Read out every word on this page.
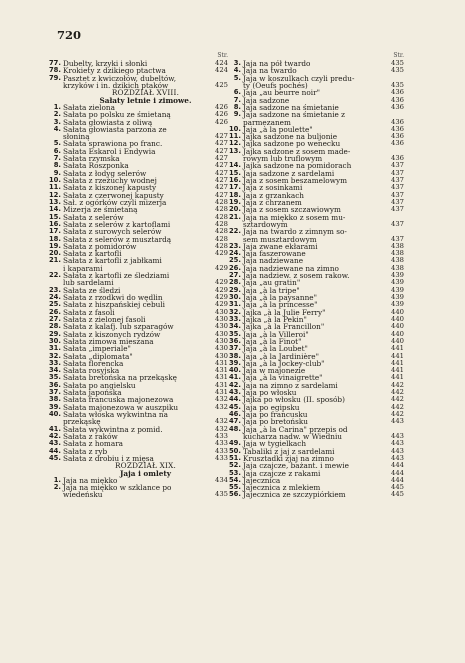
720
Str.
77. Dubelty, krzyki i słonki	424
78. Krokiety z dzikiego ptactwa	424
79. Pasztet z kwiczołów, dubeltów,
krzyków i in. dzikich ptaków	425
ROZDZIAŁ XVIII.
Sałaty letnie i zimowe.
1. Sałata zielona	426
2. Sałata po polsku ze śmietaną	426
3. Sałata głowiasta z oliwą	426
4. Sałata głowiasta parzona ze
słoniną	427
5. Sałata sprawiona po franc.	427
6. Sałata Eskarol i Endywia	427
7. Sałata rzymska	427
8. Sałata Roszponka	427
9. Sałata z łodyg selerów	427
10. Sałata z rzeżuchy wodnej	427
11. Sałata z kiszonej kapusty	427
12. Sałata z czerwonej kapusty	427
13. Sał. z ogórków czyli mizerja	428
14. Mizerja ze śmietaną	428
15. Sałata z selerów	428
16. Sałata z selerów z kartoflami	428
17. Sałata z surowych selerów	428
18. Sałata z selerów z musztardą	428
19. Sałata z pomidorów	428
20. Sałata z kartofli	429
21. Sałata z kartofli z jabłkami
i kaparami	429
22. Sałata z kartofli ze śledziami
lub sardelami	429
23. Sałata ze śledzi	429
24. Sałata z rzodkwi do wędlin	429
25. Sałata z hiszpańskiej cebuli	429
26. Sałata z fasoli	430
27. Sałata z zielonej fasoli	430
28. Sałata z kalafj. lub szparagów	430
29. Sałata z kiszonych rydzów	430
30. Sałata zimowa mieszana	430
31. Sałata „imperiale"	430
32. Sałata „diplomata"	430
33. Sałata florencka	431
34. Sałata rosyjska	431
35. Sałata bretońska na przekąskę	431
36. Sałata po angielsku	431
37. Sałata japońska	431
38. Sałata francuska majonezowa	432
39. Sałata majonezowa w auszpiku	432
40. Sałata włoska wykwintna na
przekąskę	432
41. Sałata wykwintna z pomid.	432
42. Sałata z raków	433
43. Sałata z homara	433
44. Sałata z ryb	433
45. Sałata z drobiu i z mięsa	433
ROZDZIAŁ XIX.
Jaja i omlety
1. Jaja na miękko	434
2. Jaja na miękko w szklance po
wiedeńsku	435
Str.
3. Jaja na pół twardo	435
4. Jaja na twardo	435
5. Jaja w koszulkach czyli predu-
ty (Oeufs pochés)	435
6. Jaja „au beurre noir"	436
7. Jaja sadzone	436
8. Jaja sadzone na śmietanie	436
9. Jaja sadzone na śmietanie z
parmezanem	436
10. Jaja „à la poulette"	436
11. Jajka sadzone na buljonie	436
12. Jajka sadzone po wenecku	436
13. Jajka sadzone z sosem made-
rowym lub truflowym	436
14. Jajka sadzone na pomidorach	437
15. Jaja sadzone z sardelami	437
16. Jaja z sosem beszamelowym	437
17. Jaja z sosinkami	437
18. Jaja z grzankach	437
19. Jaja z chrzanem	437
20. Jaja z sosem szczawiowym	437
21. Jaja na miękko z sosem mu-
sztardowym	437
22. Jaja na twardo z zimnym so-
sem musztardowym	437
23. Jaja zwane ekłarami	438
24. Jaja faszerowane	438
25. Jaja nadziewane	438
26. Jaja nadziewane na zimno	438
27. Jaja nadziew. z sosem rakow.	439
28. Jaja „au gratin"	439
29. Jaja „à la tripe"	439
30. Jaja „à la paysanne"	439
31. Jaja „à la princesse"	439
32. Jajka „à la Julie Ferry"	440
33. Jajka „à la Pekin"	440
34. Jajka „à la Francillon"	440
35. Jaja „à la Villeroi"	440
36. Jaja „à la Finot"	440
37. Jaja „à la Loubet"	441
38. Jaja „à la Jardinière"	441
39. Jaja „à la Jockey-club"	441
40. Jaja w majonezie	441
41. Jaja „à la vinaigrette"	441
42. Jaja na zimno z sardelami	442
43. Jaja po włosku	442
44. Jajka po włosku (II. sposób)	442
45. Jaja po egipsku	442
46. Jaja po francusku	442
47. Jaja po bretońsku	443
48. Jaja „à la Carina" przepis od
kucharza nadw. w Wiedniu	443
49. Jaja w tygielkach	443
50. Tabaliki z jaj z sardelami	443
51. Krusztadki zjaj na zimno	443
52. Jaja czajcze, bażant. i mewie	444
53. Jaja czajcze z rakami	444
54. Jajecznica	444
55. Jajecznica z mlekiem	445
56. Jajecznica ze szczypiórkiem	445
